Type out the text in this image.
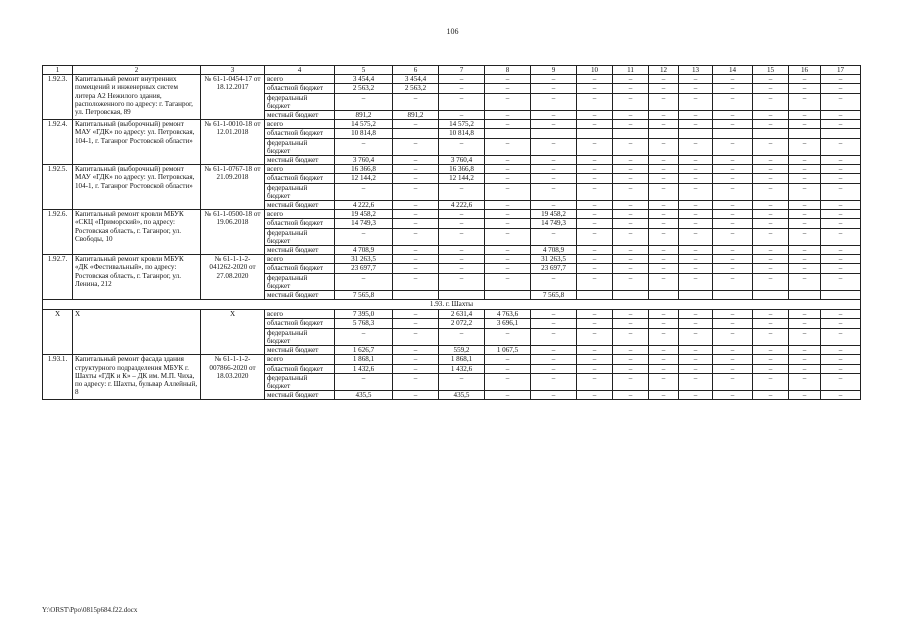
106
1	2	3	4	5	6	7	8	9	10	11	12	13	14	15	16	17
1.92.3.	Капитальный ремонт внутренних помещений и инженерных систем литера А2 Нежилого здания, расположенного по адресу: г. Таганрог, ул. Петровская, 89	№ 61-1-0454-17 от 18.12.2017	всего	3 454,4	3 454,4	–	–	–	–	–	–	–	–	–	–	–
			областной бюджет	2 563,2	2 563,2	–	–	–	–	–	–	–	–	–	–	–
			федеральный бюджет	–	–	–	–	–	–	–	–	–	–	–	–	–
			местный бюджет	891,2	891,2	–	–	–	–	–	–	–	–	–	–	–
1.92.4.	Капитальный (выборочный) ремонт МАУ «ГДК» по адресу: ул. Петровская, 104-1, г. Таганрог Ростовской области»	№ 61-1-0010-18 от 12.01.2018	всего	14 575,2	–	14 575,2	–	–	–	–	–	–	–	–	–	–
			областной бюджет	10 814,8		10 814,8										
			федеральный бюджет	–	–	–	–	–	–	–	–	–	–	–	–	–
			местный бюджет	3 760,4	–	3 760,4	–	–	–	–	–	–	–	–	–	–
1.92.5.	Капитальный (выборочный) ремонт МАУ «ГДК» по адресу: ул. Петровская, 104-1, г. Таганрог Ростовской области»	№ 61-1-0767-18 от 21.09.2018	всего	16 366,8	–	16 366,8	–	–	–	–	–	–	–	–	–	–
			областной бюджет	12 144,2	–	12 144,2	–	–	–	–	–	–	–	–	–	–
			федеральный бюджет	–	–	–	–	–	–	–	–	–	–	–	–	–
			местный бюджет	4 222,6	–	4 222,6	–	–	–	–	–	–	–	–	–	–
1.92.6.	Капитальный ремонт кровли МБУК «СКЦ «Приморский», по адресу: Ростовская область, г. Таганрог, ул. Свободы, 10	№ 61-1-0500-18 от 19.06.2018	всего	19 458,2	–	–	–	19 458,2	–	–	–	–	–	–	–	–
			областной бюджет	14 749,3	–	–	–	14 749,3	–	–	–	–	–	–	–	–
			федеральный бюджет	–	–	–	–	–	–	–	–	–	–	–	–	–
			местный бюджет	4 708,9	–	–	–	4 708,9	–	–	–	–	–	–	–	–
1.92.7.	Капитальный ремонт кровли МБУК «ДК «Фестивальный», по адресу: Ростовская область, г. Таганрог, ул. Ленина, 212	№ 61-1-1-2-041262-2020 от 27.08.2020	всего	31 263,5	–	–	–	31 263,5	–	–	–	–	–	–	–	–
			областной бюджет	23 697,7	–	–	–	23 697,7	–	–	–	–	–	–	–	–
			федеральный бюджет	–	–	–	–	–	–	–	–	–	–	–	–	–
			местный бюджет	7 565,8				7 565,8								
1.93. г. Шахты																
Х	Х	Х	всего	7 395,0	–	2 631,4	4 763,6	–	–	–	–	–	–	–	–	–
			областной бюджет	5 768,3	–	2 072,2	3 696,1	–	–	–	–	–	–	–	–	–
			федеральный бюджет	–	–	–	–	–	–	–	–	–	–	–	–	–
			местный бюджет	1 626,7	–	559,2	1 067,5	–	–	–	–	–	–	–	–	–
1.93.1.	Капитальный ремонт фасада здания структурного подразделения МБУК г. Шахты «ГДК и К» – ДК им. М.П. Чиха, по адресу: г. Шахты, бульвар Аллейный, 8	№ 61-1-1-2-007866-2020 от 18.03.2020	всего	1 868,1	–	1 868,1	–	–	–	–	–	–	–	–	–	–
			областной бюджет	1 432,6	–	1 432,6	–	–	–	–	–	–	–	–	–	–
			федеральный бюджет	–	–	–	–	–	–	–	–	–	–	–	–	–
			местный бюджет	435,5	–	435,5	–	–	–	–	–	–	–	–	–	–
Y:\ORST\Ppo\0815p684.f22.docx
